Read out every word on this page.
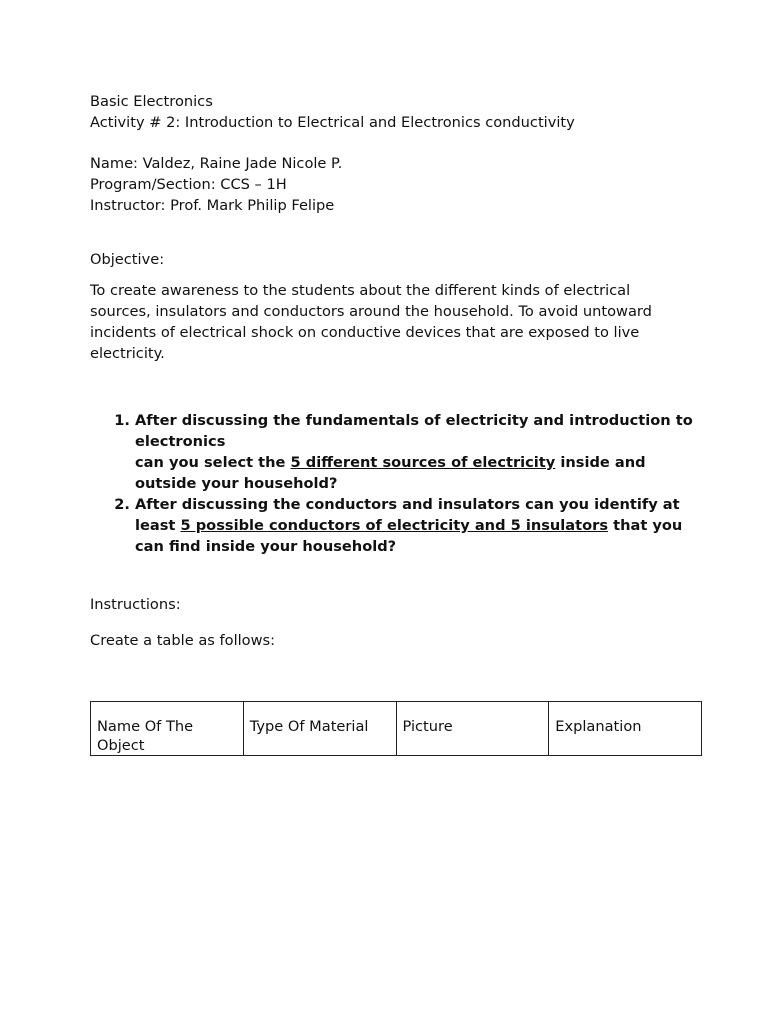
Basic Electronics
Activity # 2: Introduction to Electrical and Electronics conductivity
Name: Valdez, Raine Jade Nicole P.
Program/Section: CCS – 1H
Instructor: Prof. Mark Philip Felipe
Objective:
To create awareness to the students about the different kinds of electrical sources, insulators and conductors around the household. To avoid untoward incidents of electrical shock on conductive devices that are exposed to live electricity.
1. After discussing the fundamentals of electricity and introduction to electronics
can you select the 5 different sources of electricity inside and outside your household?
2. After discussing the conductors and insulators can you identify at least 5 possible conductors of electricity and 5 insulators that you can find inside your household?
Instructions:
Create a table as follows:
Name Of The Object	Type Of Material	Picture	Explanation
